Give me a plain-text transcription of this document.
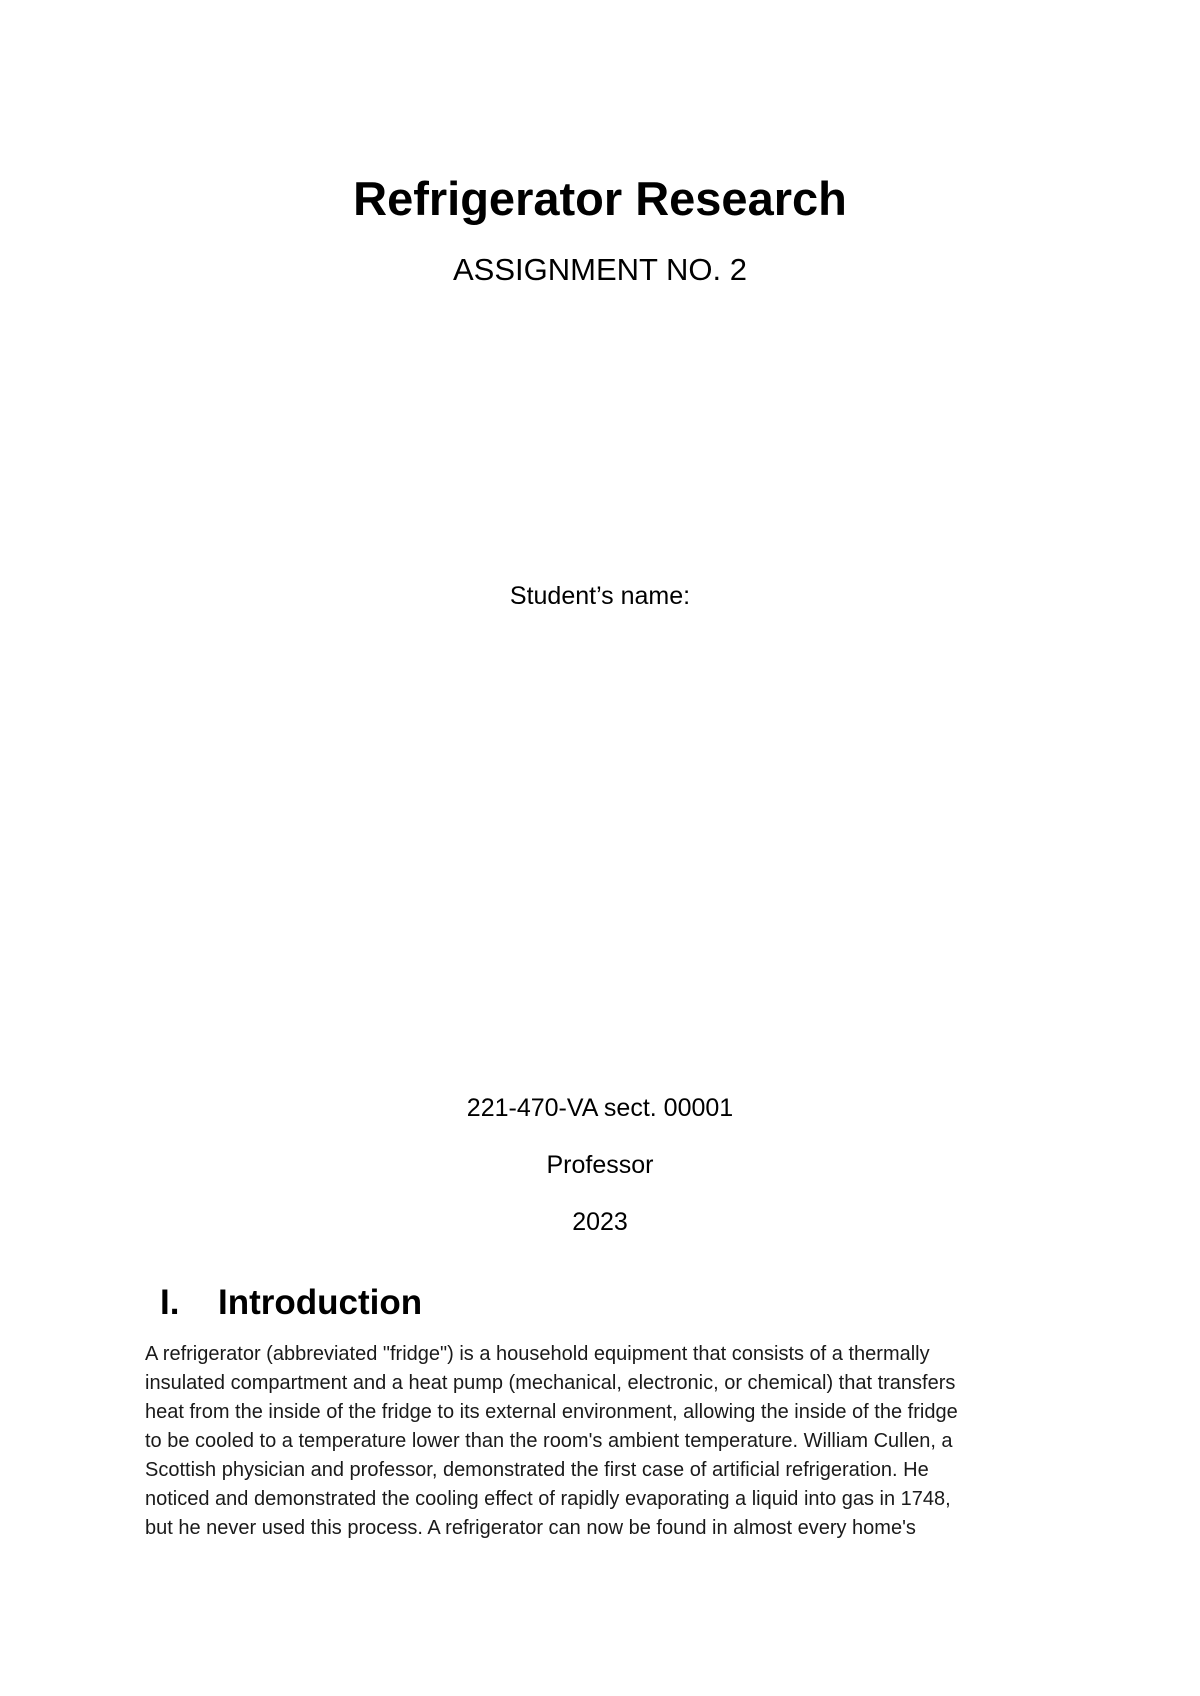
Refrigerator Research
ASSIGNMENT NO. 2

Student’s name:

221-470-VA sect. 00001

Professor

2023

I. Introduction
A refrigerator (abbreviated "fridge") is a household equipment that consists of a thermally
insulated compartment and a heat pump (mechanical, electronic, or chemical) that transfers
heat from the inside of the fridge to its external environment, allowing the inside of the fridge
to be cooled to a temperature lower than the room's ambient temperature. William Cullen, a
Scottish physician and professor, demonstrated the first case of artificial refrigeration. He
noticed and demonstrated the cooling effect of rapidly evaporating a liquid into gas in 1748,
but he never used this process. A refrigerator can now be found in almost every home's
